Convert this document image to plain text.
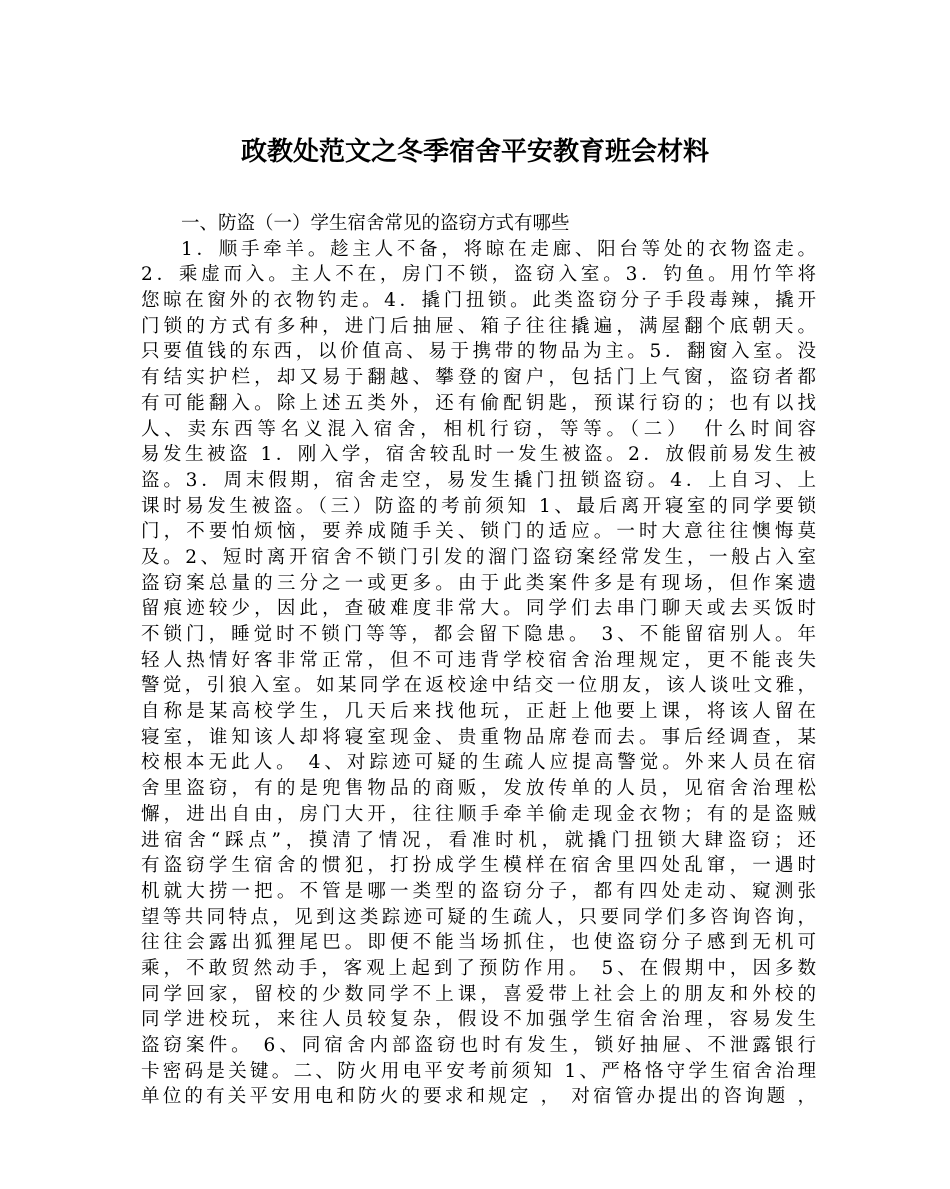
政教处范文之冬季宿舍平安教育班会材料
一、防盗（一）学生宿舍常见的盗窃方式有哪些
1．顺手牵羊。趁主人不备，将晾在走廊、阳台等处的衣物盗走。
2．乘虚而入。主人不在，房门不锁，盗窃入室。3．钓鱼。用竹竿将
您晾在窗外的衣物钓走。4．撬门扭锁。此类盗窃分子手段毒辣，撬开
门锁的方式有多种，进门后抽屉、箱子往往撬遍，满屋翻个底朝天。
只要值钱的东西，以价值高、易于携带的物品为主。5．翻窗入室。没
有结实护栏，却又易于翻越、攀登的窗户，包括门上气窗，盗窃者都
有可能翻入。除上述五类外，还有偷配钥匙，预谋行窃的；也有以找
人、卖东西等名义混入宿舍，相机行窃，等等。（二）　什么时间容
易发生被盗 1．刚入学，宿舍较乱时一发生被盗。2．放假前易发生被
盗。3．周末假期，宿舍走空，易发生撬门扭锁盗窃。4．上自习、上
课时易发生被盗。（三）防盗的考前须知 1、最后离开寝室的同学要锁
门，不要怕烦恼，要养成随手关、锁门的适应。一时大意往往懊悔莫
及。2、短时离开宿舍不锁门引发的溜门盗窃案经常发生，一般占入室
盗窃案总量的三分之一或更多。由于此类案件多是有现场，但作案遗
留痕迹较少，因此，查破难度非常大。同学们去串门聊天或去买饭时
不锁门，睡觉时不锁门等等，都会留下隐患。 3、不能留宿别人。年
轻人热情好客非常正常，但不可违背学校宿舍治理规定，更不能丧失
警觉，引狼入室。如某同学在返校途中结交一位朋友，该人谈吐文雅，
自称是某高校学生，几天后来找他玩，正赶上他要上课，将该人留在
寝室，谁知该人却将寝室现金、贵重物品席卷而去。事后经调查，某
校根本无此人。 4、对踪迹可疑的生疏人应提高警觉。外来人员在宿
舍里盗窃，有的是兜售物品的商贩，发放传单的人员，见宿舍治理松
懈，进出自由，房门大开，往往顺手牵羊偷走现金衣物；有的是盗贼
进宿舍“踩点”，摸清了情况，看准时机，就撬门扭锁大肆盗窃；还
有盗窃学生宿舍的惯犯，打扮成学生模样在宿舍里四处乱窜，一遇时
机就大捞一把。不管是哪一类型的盗窃分子，都有四处走动、窥测张
望等共同特点，见到这类踪迹可疑的生疏人，只要同学们多咨询咨询，
往往会露出狐狸尾巴。即便不能当场抓住，也使盗窃分子感到无机可
乘，不敢贸然动手，客观上起到了预防作用。 5、在假期中，因多数
同学回家，留校的少数同学不上课，喜爱带上社会上的朋友和外校的
同学进校玩，来往人员较复杂，假设不加强学生宿舍治理，容易发生
盗窃案件。 6、同宿舍内部盗窃也时有发生，锁好抽屉、不泄露银行
卡密码是关键。二、防火用电平安考前须知 1、严格恪守学生宿舍治理
单位的有关平安用电和防火的要求和规定 ， 对宿管办提出的咨询题 ，
